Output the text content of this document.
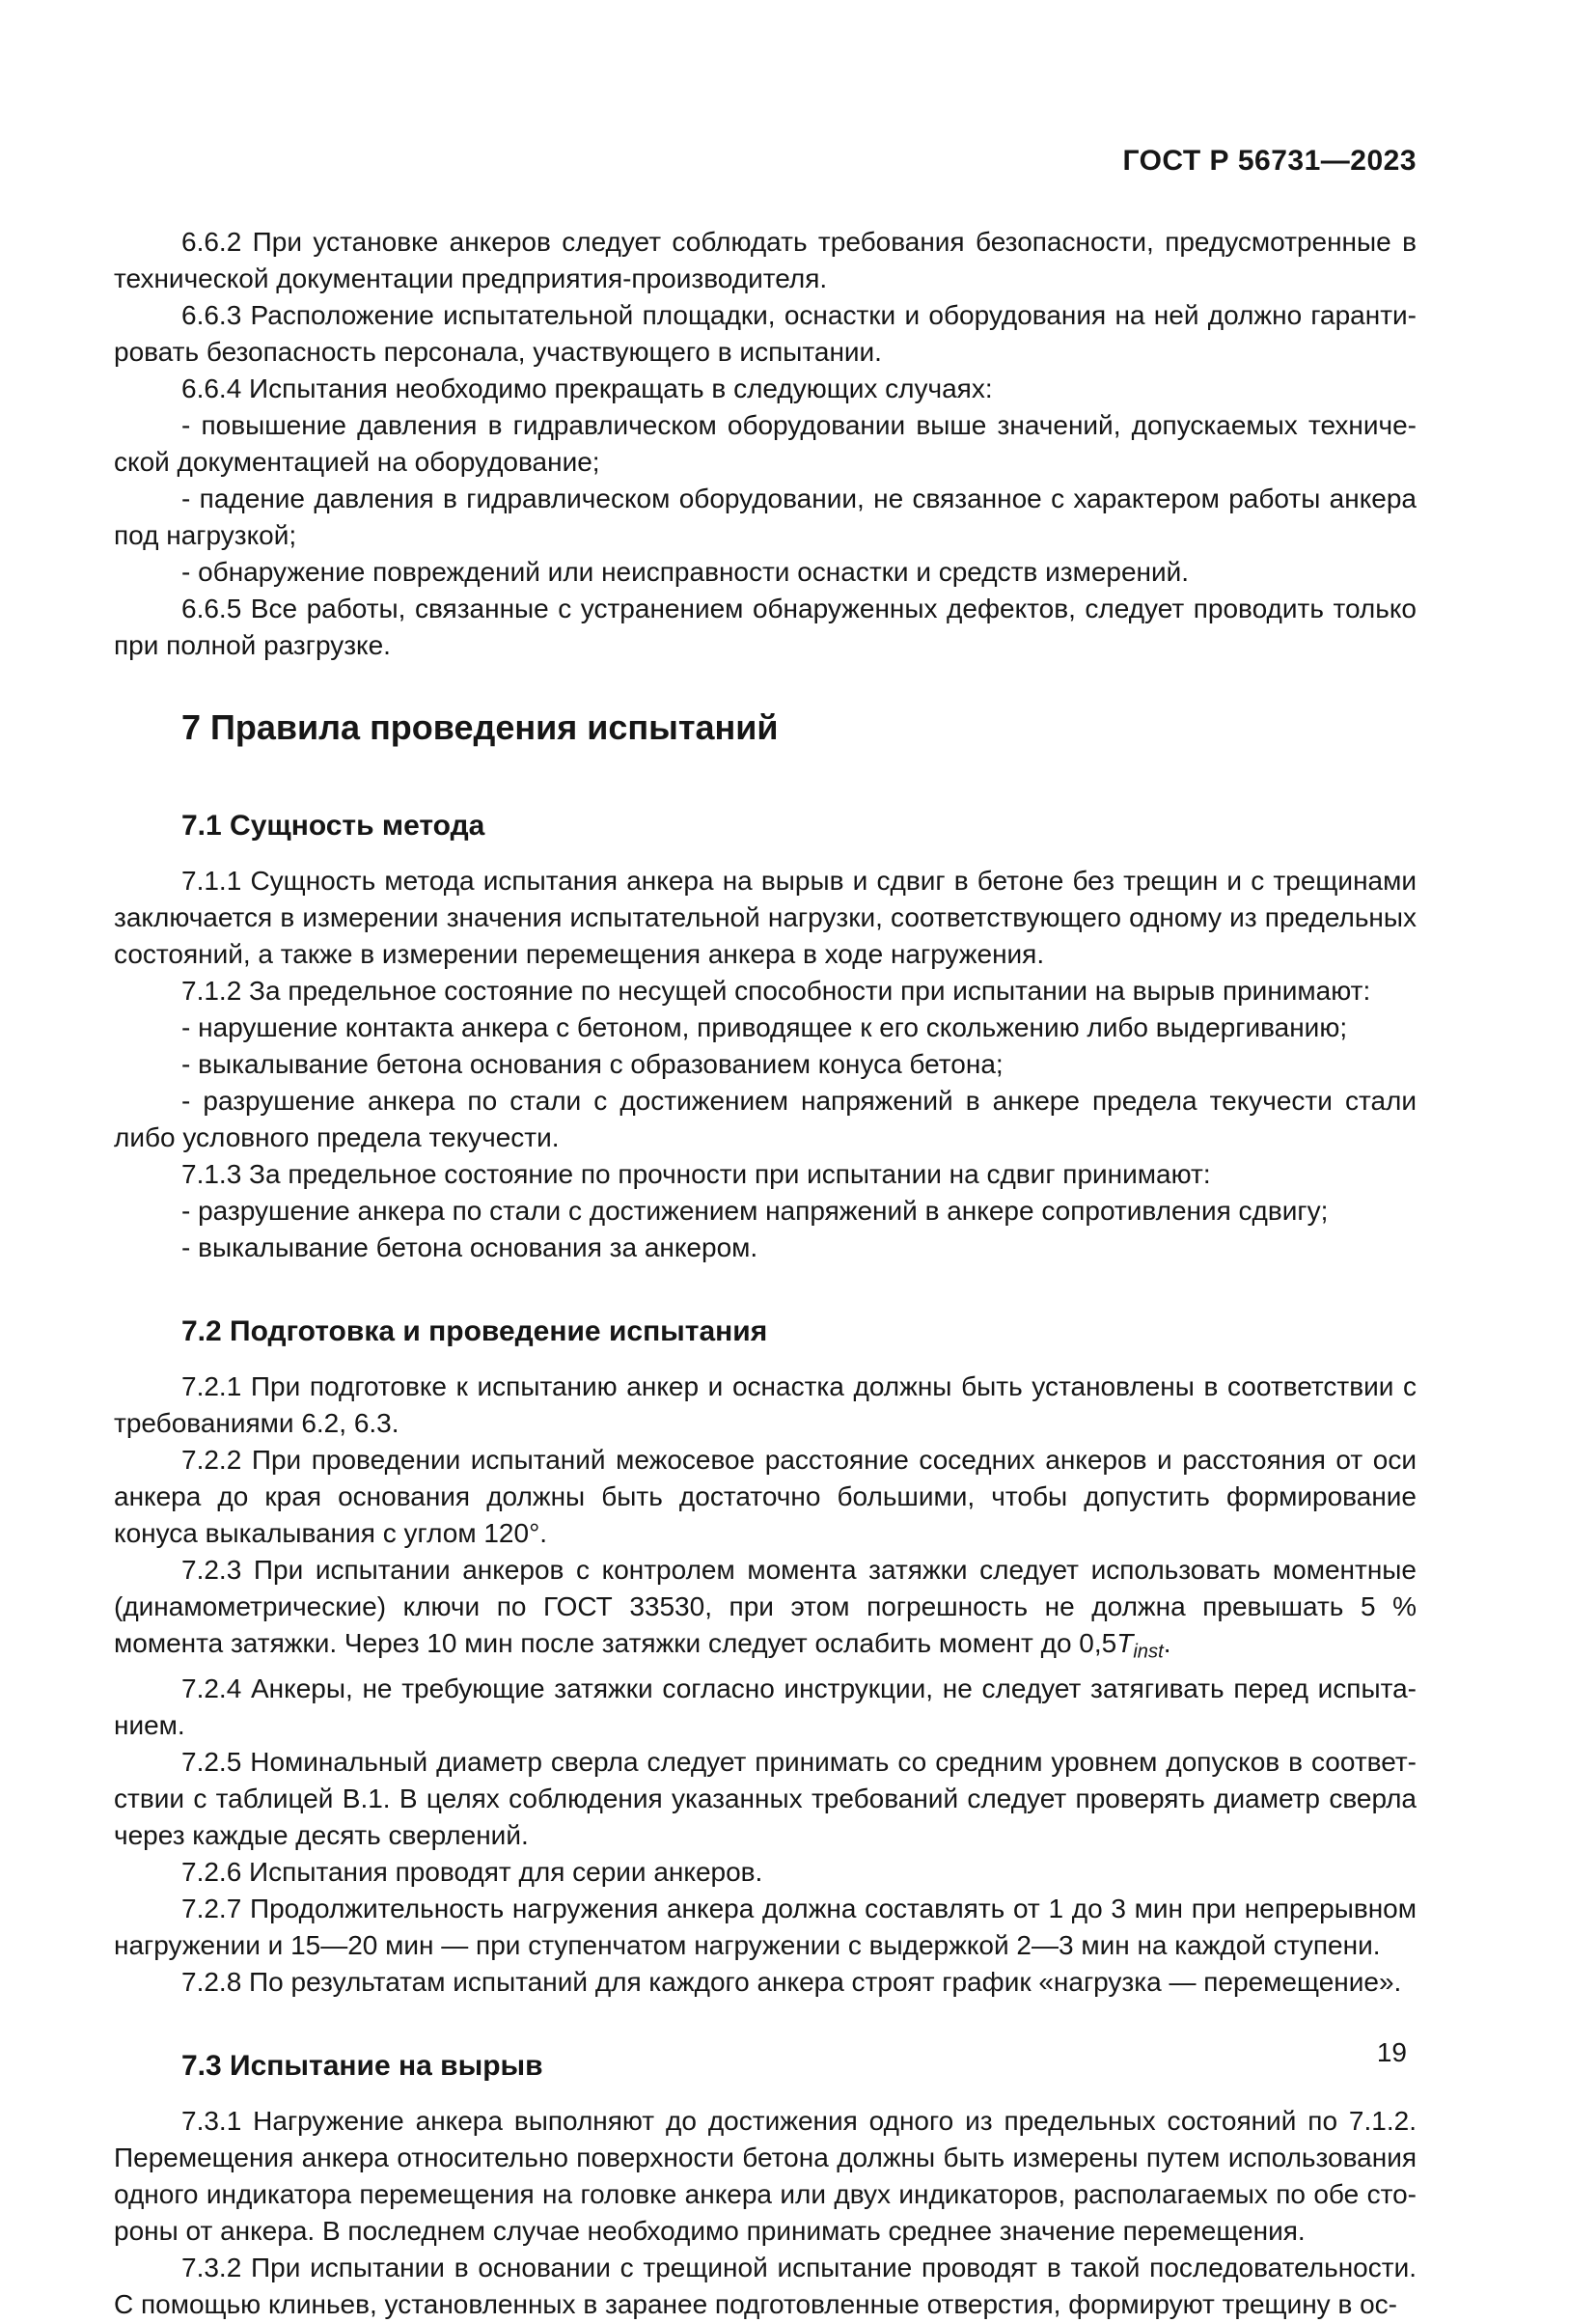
ГОСТ Р 56731—2023

6.6.2 При установке анкеров следует соблюдать требования безопасности, предусмотренные в технической документации предприятия-производителя.

6.6.3 Расположение испытательной площадки, оснастки и оборудования на ней должно гарантировать безопасность персонала, участвующего в испытании.

6.6.4 Испытания необходимо прекращать в следующих случаях:

- повышение давления в гидравлическом оборудовании выше значений, допускаемых технической документацией на оборудование;

- падение давления в гидравлическом оборудовании, не связанное с характером работы анкера под нагрузкой;

- обнаружение повреждений или неисправности оснастки и средств измерений.

6.6.5 Все работы, связанные с устранением обнаруженных дефектов, следует проводить только при полной разгрузке.

7 Правила проведения испытаний
7.1 Сущность метода

7.1.1 Сущность метода испытания анкера на вырыв и сдвиг в бетоне без трещин и с трещинами заключается в измерении значения испытательной нагрузки, соответствующего одному из предельных состояний, а также в измерении перемещения анкера в ходе нагружения.

7.1.2 За предельное состояние по несущей способности при испытании на вырыв принимают:

- нарушение контакта анкера с бетоном, приводящее к его скольжению либо выдергиванию;

- выкалывание бетона основания с образованием конуса бетона;

- разрушение анкера по стали с достижением напряжений в анкере предела текучести стали либо условного предела текучести.

7.1.3 За предельное состояние по прочности при испытании на сдвиг принимают:

- разрушение анкера по стали с достижением напряжений в анкере сопротивления сдвигу;

- выкалывание бетона основания за анкером.

7.2 Подготовка и проведение испытания

7.2.1 При подготовке к испытанию анкер и оснастка должны быть установлены в соответствии с требованиями 6.2, 6.3.

7.2.2 При проведении испытаний межосевое расстояние соседних анкеров и расстояния от оси анкера до края основания должны быть достаточно большими, чтобы допустить формирование конуса выкалывания с углом 120°.

7.2.3 При испытании анкеров с контролем момента затяжки следует использовать моментные (динамометрические) ключи по ГОСТ 33530, при этом погрешность не должна превышать 5 % момента затяжки. Через 10 мин после затяжки следует ослабить момент до $0,5T_{inst}$.

7.2.4 Анкеры, не требующие затяжки согласно инструкции, не следует затягивать перед испытанием.

7.2.5 Номинальный диаметр сверла следует принимать со средним уровнем допусков в соответствии с таблицей В.1. В целях соблюдения указанных требований следует проверять диаметр сверла через каждые десять сверлений.

7.2.6 Испытания проводят для серии анкеров.

7.2.7 Продолжительность нагружения анкера должна составлять от 1 до 3 мин при непрерывном нагружении и 15—20 мин — при ступенчатом нагружении с выдержкой 2—3 мин на каждой ступени.

7.2.8 По результатам испытаний для каждого анкера строят график «нагрузка — перемещение».

7.3 Испытание на вырыв

7.3.1 Нагружение анкера выполняют до достижения одного из предельных состояний по 7.1.2. Перемещения анкера относительно поверхности бетона должны быть измерены путем использования одного индикатора перемещения на головке анкера или двух индикаторов, располагаемых по обе стороны от анкера. В последнем случае необходимо принимать среднее значение перемещения.

7.3.2 При испытании в основании с трещиной испытание проводят в такой последовательности. С помощью клиньев, установленных в заранее подготовленные отверстия, формируют трещину в ос-

19
